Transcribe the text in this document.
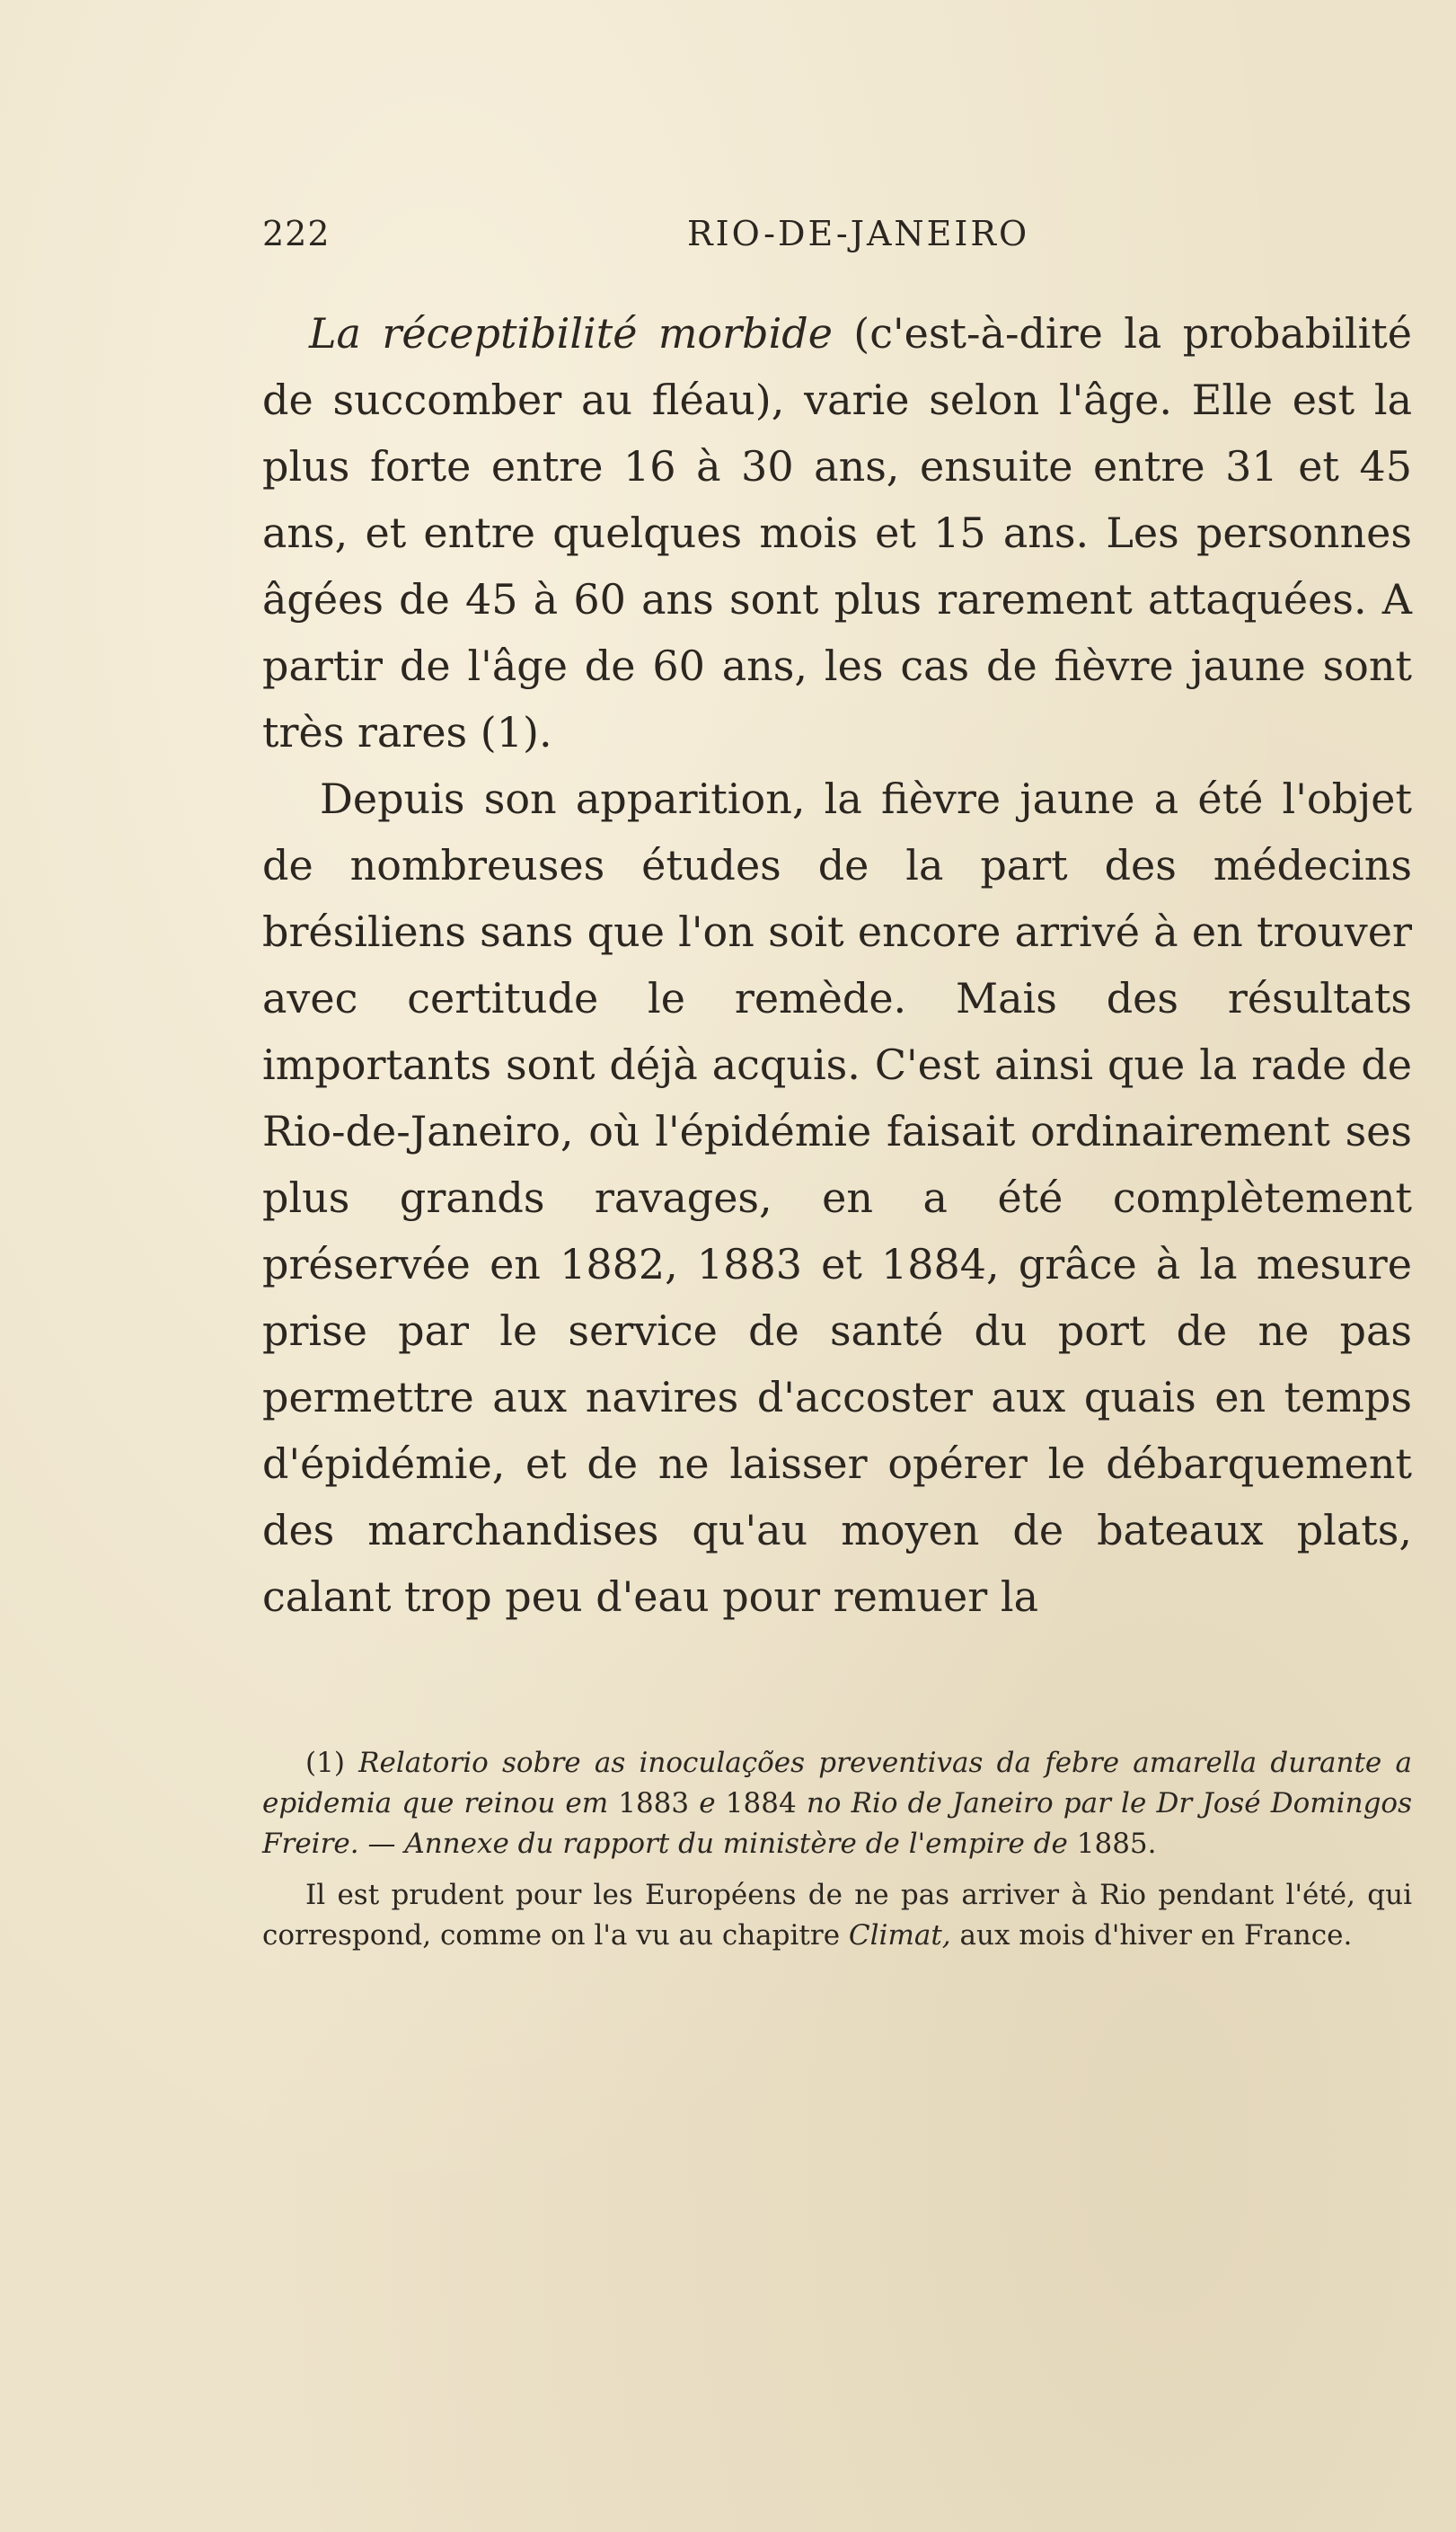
222	RIO-DE-JANEIRO

La réceptibilité morbide (c'est-à-dire la probabilité de succomber au fléau), varie selon l'âge. Elle est la plus forte entre 16 à 30 ans, ensuite entre 31 et 45 ans, et entre quelques mois et 15 ans. Les personnes âgées de 45 à 60 ans sont plus rarement attaquées. A partir de l'âge de 60 ans, les cas de fièvre jaune sont très rares (1).

Depuis son apparition, la fièvre jaune a été l'objet de nombreuses études de la part des médecins brésiliens sans que l'on soit encore arrivé à en trouver avec certitude le remède. Mais des résultats importants sont déjà acquis. C'est ainsi que la rade de Rio-de-Janeiro, où l'épidémie faisait ordinairement ses plus grands ravages, en a été complètement préservée en 1882, 1883 et 1884, grâce à la mesure prise par le service de santé du port de ne pas permettre aux navires d'accoster aux quais en temps d'épidémie, et de ne laisser opérer le débarquement des marchandises qu'au moyen de bateaux plats, calant trop peu d'eau pour remuer la

(1) Relatorio sobre as inoculações preventivas da febre amarella durante a epidemia que reinou em 1883 e 1884 no Rio de Janeiro par le Dr José Domingos Freire. — Annexe du rapport du ministère de l'empire de 1885.

Il est prudent pour les Européens de ne pas arriver à Rio pendant l'été, qui correspond, comme on l'a vu au chapitre Climat, aux mois d'hiver en France.
